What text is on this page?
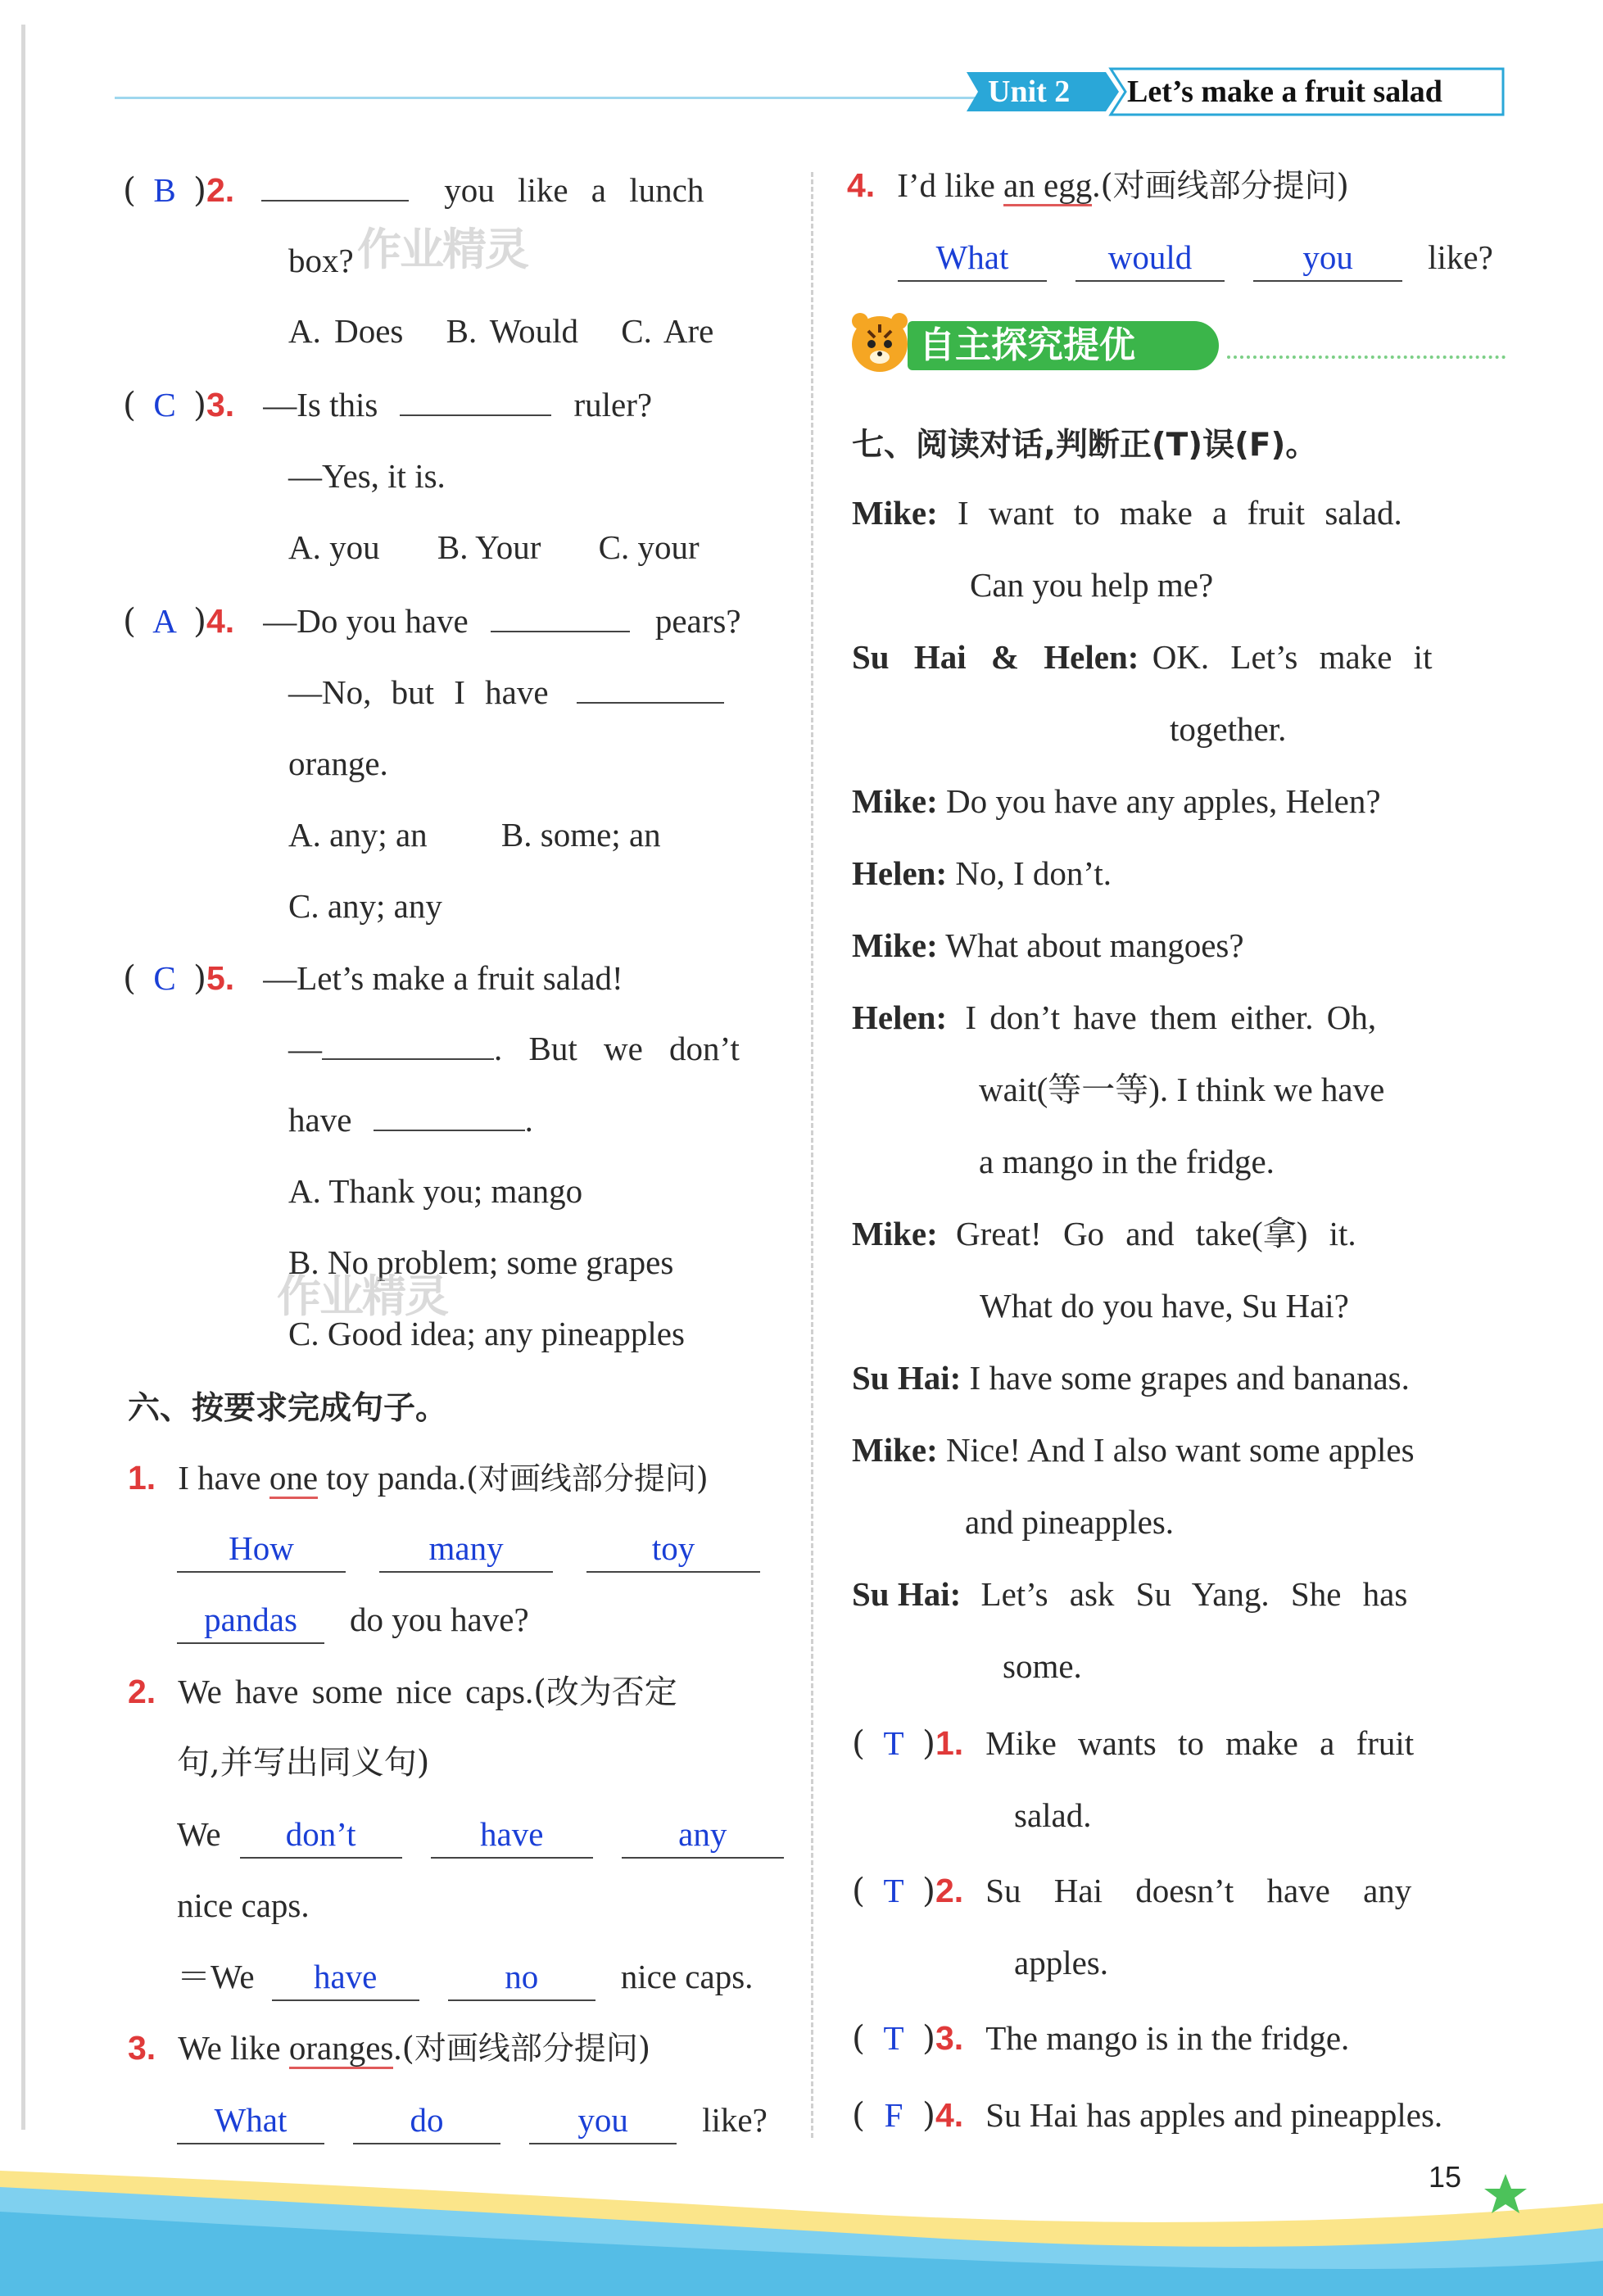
Unit 2 Let’s make a fruit salad
( B )2.	you like a lunch
box?
A. Does B. Would C. Are
( C )3. —Is this	ruler?
—Yes, it is.
A. you B. Your C. your
( A )4. —Do you have	pears?
—No, but I have
orange.
A. any; an B. some; an
C. any; any
( C )5. —Let’s make a fruit salad!
—	. But we don’t
have	.
A. Thank you; mango
B. No problem; some grapes
C. Good idea; any pineapples
作业精灵
作业精灵
六、按要求完成句子。
1. I have one toy panda.(对画线部分提问)
How	many	toy
pandas do you have?
2. We have some nice caps.(改为否定
句,并写出同义句)
We don’t	have	any
nice caps.
＝We have	no nice caps.
3. We like oranges.(对画线部分提问)
What	do	you like?
4. I’d like an egg.(对画线部分提问)
What	would	you like?
自主探究提优
七、阅读对话,判断正(T)误(F)。
Mike: I want to make a fruit salad.
Can you help me?
Su Hai & Helen: OK. Let’s make it
together.
Mike: Do you have any apples, Helen?
Helen: No, I don’t.
Mike: What about mangoes?
Helen: I don’t have them either. Oh,
wait(等一等). I think we have
a mango in the fridge.
Mike: Great! Go and take(拿) it.
What do you have, Su Hai?
Su Hai: I have some grapes and bananas.
Mike: Nice! And I also want some apples
and pineapples.
Su Hai: Let’s ask Su Yang. She has
some.
( T )1. Mike wants to make a fruit
salad.
( T )2. Su Hai doesn’t have any
apples.
( T )3. The mango is in the fridge.
( F )4. Su Hai has apples and pineapples.
15
